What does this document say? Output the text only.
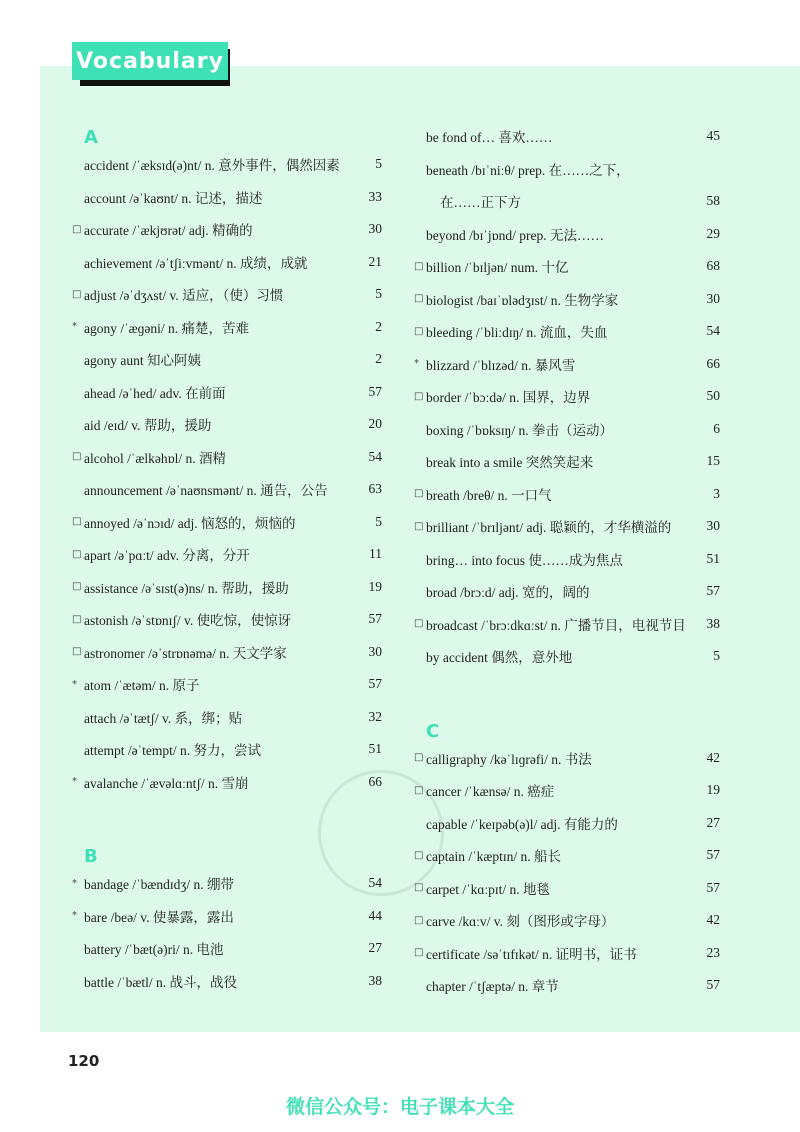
Vocabulary
A
accident /ˈæksɪd(ə)nt/ n. 意外事件，偶然因素	5
account /əˈkaʊnt/ n. 记述，描述	33
□ accurate /ˈækjʊrət/ adj. 精确的	30
achievement /əˈtʃiːvmənt/ n. 成绩，成就	21
□ adjust /əˈdʒʌst/ v. 适应，（使）习惯	5
* agony /ˈæɡəni/ n. 痛楚，苦难	2
agony aunt 知心阿姨	2
ahead /əˈhed/ adv. 在前面	57
aid /eɪd/ v. 帮助，援助	20
□ alcohol /ˈælkəhɒl/ n. 酒精	54
announcement /əˈnaʊnsmənt/ n. 通告，公告	63
□ annoyed /əˈnɔɪd/ adj. 恼怒的，烦恼的	5
□ apart /əˈpɑːt/ adv. 分离，分开	11
□ assistance /əˈsɪst(ə)ns/ n. 帮助，援助	19
□ astonish /əˈstɒnɪʃ/ v. 使吃惊，使惊讶	57
□ astronomer /əˈstrɒnəmə/ n. 天文学家	30
* atom /ˈætəm/ n. 原子	57
attach /əˈtætʃ/ v. 系，绑；贴	32
attempt /əˈtempt/ n. 努力，尝试	51
* avalanche /ˈævəlɑːntʃ/ n. 雪崩	66
B
* bandage /ˈbændɪdʒ/ n. 绷带	54
* bare /beə/ v. 使暴露，露出	44
battery /ˈbæt(ə)ri/ n. 电池	27
battle /ˈbætl/ n. 战斗，战役	38
be fond of… 喜欢……	45
beneath /bɪˈniːθ/ prep. 在……之下，
在……正下方	58
beyond /bɪˈjɒnd/ prep. 无法……	29
□ billion /ˈbɪljən/ num. 十亿	68
□ biologist /baɪˈɒlədʒɪst/ n. 生物学家	30
□ bleeding /ˈbliːdɪŋ/ n. 流血，失血	54
* blizzard /ˈblɪzəd/ n. 暴风雪	66
□ border /ˈbɔːdə/ n. 国界，边界	50
boxing /ˈbɒksɪŋ/ n. 拳击（运动）	6
break into a smile 突然笑起来	15
□ breath /breθ/ n. 一口气	3
□ brilliant /ˈbrɪljənt/ adj. 聪颖的，才华横溢的	30
bring… into focus 使……成为焦点	51
broad /brɔːd/ adj. 宽的，阔的	57
□ broadcast /ˈbrɔːdkɑːst/ n. 广播节目，电视节目	38
by accident 偶然，意外地	5
C
□ calligraphy /kəˈlɪɡrəfi/ n. 书法	42
□ cancer /ˈkænsə/ n. 癌症	19
capable /ˈkeɪpəb(ə)l/ adj. 有能力的	27
□ captain /ˈkæptɪn/ n. 船长	57
□ carpet /ˈkɑːpɪt/ n. 地毯	57
□ carve /kɑːv/ v. 刻（图形或字母）	42
□ certificate /səˈtɪfɪkət/ n. 证明书，证书	23
chapter /ˈtʃæptə/ n. 章节	57
120
微信公众号：电子课本大全
